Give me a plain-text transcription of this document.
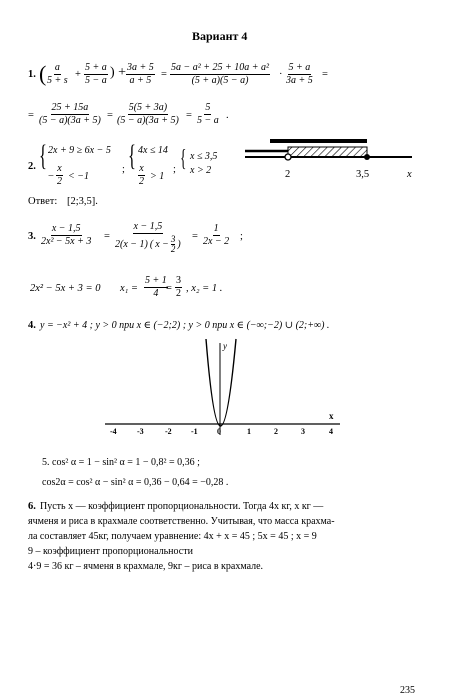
Вариант 4
1. ( $\frac{a}{5 + s} + \frac{5 + a}{5 - a}$ ) + $\frac{3a + 5}{a + 5} = \frac{\text{5a − a² + 25 + 10a + a²}}{(5 + a)(5 - a)} \cdot \frac{5 + a}{3a + 5}$ =
= $\frac{25 + 15a}{(5 - a)(3a + 5)} = \frac{5(5 + 3a)}{(5 - a)(3a + 5)} = \frac{5}{5 - a}$ .
2. { 2x + 9 ≥ 6x − 5
− $\frac{x}{2} < -1$
; { 4x ≤ 14
$\frac{x}{2} > 1$
; { x ≤ 3,5
x > 2	2	3,5	x
Ответ: [2;3,5].
3. $\frac{x - 1,5}{\text{2x² − 5x + 3}} = \frac{x - 1,5}{2(x - 1) ( x - \frac{3}{2} )} = \frac{1}{2x - 2}$ ;
2x² − 5x + 3 = 0 $x_1 = \frac{5 + 1}{4}$
= $\frac{3}{2}$ , x₂ = 1 .
4. y = −x² + 4 ; y > 0 при x ∈ (−2;2) ; y > 0 при x ∈ (−∞;−2) ∪ (2;+∞) .
y
x
-4	-3	-2 -1 0	1	2	3	4
5. cos² α = 1 − sin² α = 1 − 0,8² = 0,36 ;
cos2α = cos² α − sin² α = 0,36 − 0,64 = −0,28 .
6. Пусть x — коэффициент пропорциональности. Тогда 4x кг, x кг —
ячменя и риса в крахмале соответственно. Учитывая, что масса крахма-
ла составляет 45кг, получаем уравнение: 4x + x = 45 ; 5x = 45 ; x = 9
9 – коэффициент пропорциональности
4·9 = 36 кг – ячменя в крахмале, 9кг – риса в крахмале.
235
